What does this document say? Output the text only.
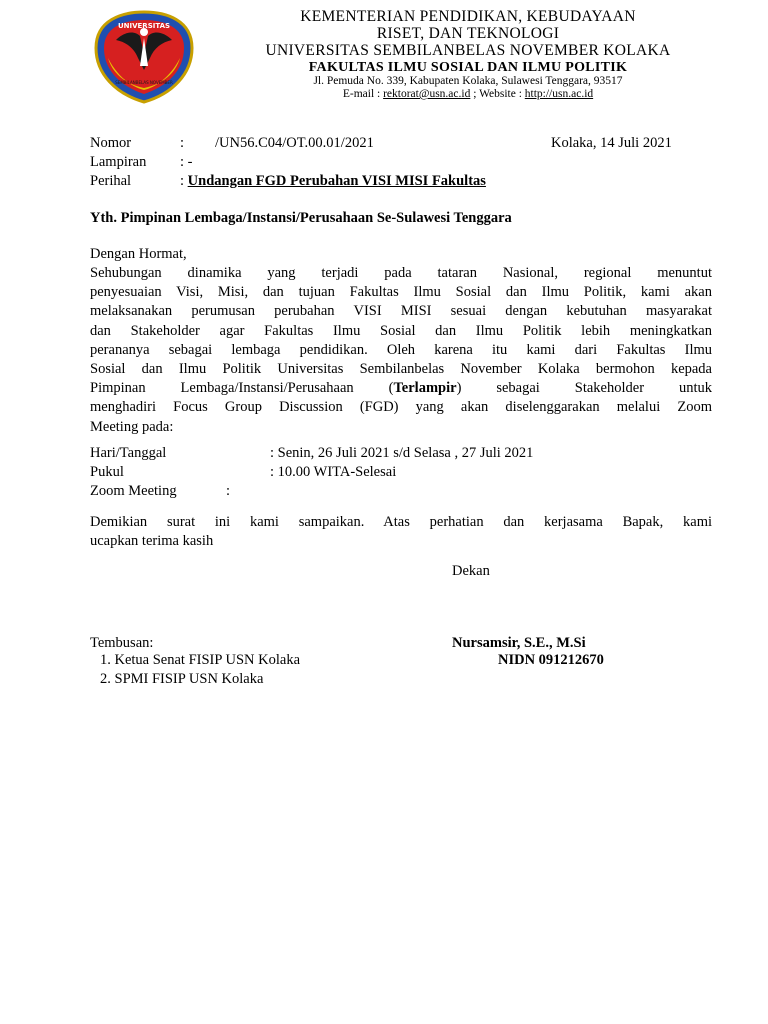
UNIVERSITAS
SEMBILANBELAS NOVEMBER
KEMENTERIAN PENDIDIKAN, KEBUDAYAAN
RISET, DAN TEKNOLOGI
UNIVERSITAS SEMBILANBELAS NOVEMBER KOLAKA
FAKULTAS ILMU SOSIAL DAN ILMU POLITIK
Jl. Pemuda No. 339, Kabupaten Kolaka, Sulawesi Tenggara, 93517
E-mail : rektorat@usn.ac.id ; Website : http://usn.ac.id
Nomor	: /UN56.C04/OT.00.01/2021	Kolaka, 14 Juli 2021
Lampiran : -
Perihal	: Undangan FGD Perubahan VISI MISI Fakultas
Yth. Pimpinan Lembaga/Instansi/Perusahaan Se-Sulawesi Tenggara
Dengan Hormat,
Sehubungan dinamika yang terjadi pada tataran Nasional, regional menuntut
penyesuaian Visi, Misi, dan tujuan Fakultas Ilmu Sosial dan Ilmu Politik, kami akan
melaksanakan perumusan perubahan VISI MISI sesuai dengan kebutuhan masyarakat
dan Stakeholder agar Fakultas Ilmu Sosial dan Ilmu Politik lebih meningkatkan
perananya sebagai lembaga pendidikan. Oleh karena itu kami dari Fakultas Ilmu
Sosial dan Ilmu Politik Universitas Sembilanbelas November Kolaka bermohon kepada
Pimpinan Lembaga/Instansi/Perusahaan (Terlampir) sebagai Stakeholder untuk
menghadiri Focus Group Discussion (FGD) yang akan diselenggarakan melalui Zoom
Meeting pada:
Hari/Tanggal	: Senin, 26 Juli 2021 s/d Selasa , 27 Juli 2021
Pukul	: 10.00 WITA-Selesai
Zoom Meeting	:
Demikian surat ini kami sampaikan. Atas perhatian dan kerjasama Bapak, kami
ucapkan terima kasih
Dekan
Nursamsir, S.E., M.Si
NIDN 091212670
Tembusan:
1. Ketua Senat FISIP USN Kolaka
2. SPMI FISIP USN Kolaka
